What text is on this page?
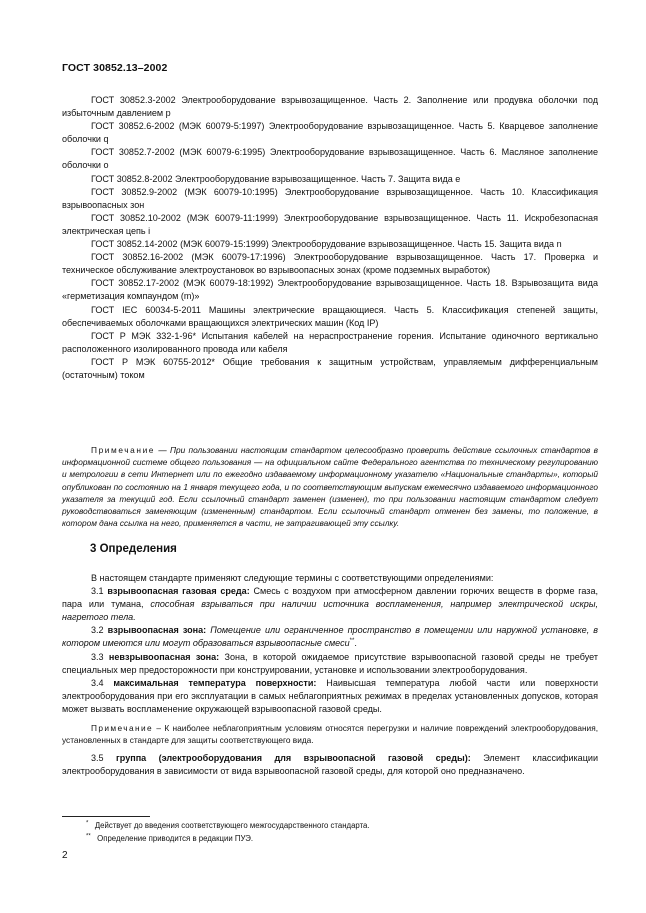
ГОСТ 30852.13–2002

ГОСТ 30852.3-2002 Электрооборудование взрывозащищенное. Часть 2. Заполнение или продувка оболочки под избыточным давлением p

ГОСТ 30852.6-2002 (МЭК 60079-5:1997) Электрооборудование взрывозащищенное. Часть 5. Кварцевое заполнение оболочки q

ГОСТ 30852.7-2002 (МЭК 60079-6:1995) Электрооборудование взрывозащищенное. Часть 6. Масляное заполнение оболочки o

ГОСТ 30852.8-2002 Электрооборудование взрывозащищенное. Часть 7. Защита вида e

ГОСТ 30852.9-2002 (МЭК 60079-10:1995) Электрооборудование взрывозащищенное. Часть 10. Классификация взрывоопасных зон

ГОСТ 30852.10-2002 (МЭК 60079-11:1999) Электрооборудование взрывозащищенное. Часть 11. Искробезопасная электрическая цепь i

ГОСТ 30852.14-2002 (МЭК 60079-15:1999) Электрооборудование взрывозащищенное. Часть 15. Защита вида n

ГОСТ 30852.16-2002 (МЭК 60079-17:1996) Электрооборудование взрывозащищенное. Часть 17. Проверка и техническое обслуживание электроустановок во взрывоопасных зонах (кроме подземных выработок)

ГОСТ 30852.17-2002 (МЭК 60079-18:1992) Электрооборудование взрывозащищенное. Часть 18. Взрывозащита вида «герметизация компаундом (m)»

ГОСТ IEC 60034-5-2011 Машины электрические вращающиеся. Часть 5. Классификация степеней защиты, обеспечиваемых оболочками вращающихся электрических машин (Код IP)

ГОСТ Р МЭК 332-1-96* Испытания кабелей на нераспространение горения. Испытание одиночного вертикально расположенного изолированного провода или кабеля

ГОСТ Р МЭК 60755-2012* Общие требования к защитным устройствам, управляемым дифференциальным (остаточным) током

Примечание — При пользовании настоящим стандартом целесообразно проверить действие ссылочных стандартов в информационной системе общего пользования — на официальном сайте Федерального агентства по техническому регулированию и метрологии в сети Интернет или по ежегодно издаваемому информационному указателю «Национальные стандарты», который опубликован по состоянию на 1 января текущего года, и по соответствующим выпускам ежемесячно издаваемого информационного указателя за текущий год. Если ссылочный стандарт заменен (изменен), то при пользовании настоящим стандартом следует руководствоваться заменяющим (измененным) стандартом. Если ссылочный стандарт отменен без замены, то положение, в котором дана ссылка на него, применяется в части, не затрагивающей эту ссылку.

3 Определения

В настоящем стандарте применяют следующие термины с соответствующими определениями:

3.1 взрывоопасная газовая среда: Смесь с воздухом при атмосферном давлении горючих веществ в форме газа, пара или тумана, способная взрываться при наличии источника воспламенения, например электрической искры, нагретого тела.

3.2 взрывоопасная зона: Помещение или ограниченное пространство в помещении или наружной установке, в котором имеются или могут образоваться взрывоопасные смеси**.

3.3 невзрывоопасная зона: Зона, в которой ожидаемое присутствие взрывоопасной газовой среды не требует специальных мер предосторожности при конструировании, установке и использовании электрооборудования.

3.4 максимальная температура поверхности: Наивысшая температура любой части или поверхности электрооборудования при его эксплуатации в самых неблагоприятных режимах в пределах установленных допусков, которая может вызвать воспламенение окружающей взрывоопасной газовой среды.

Примечание – К наиболее неблагоприятным условиям относятся перегрузки и наличие повреждений электрооборудования, установленных в стандарте для защиты соответствующего вида.

3.5 группа (электрооборудования для взрывоопасной газовой среды): Элемент классификации электрооборудования в зависимости от вида взрывоопасной газовой среды, для которой оно предназначено.

* Действует до введения соответствующего межгосударственного стандарта.
** Определение приводится в редакции ПУЭ.
2
